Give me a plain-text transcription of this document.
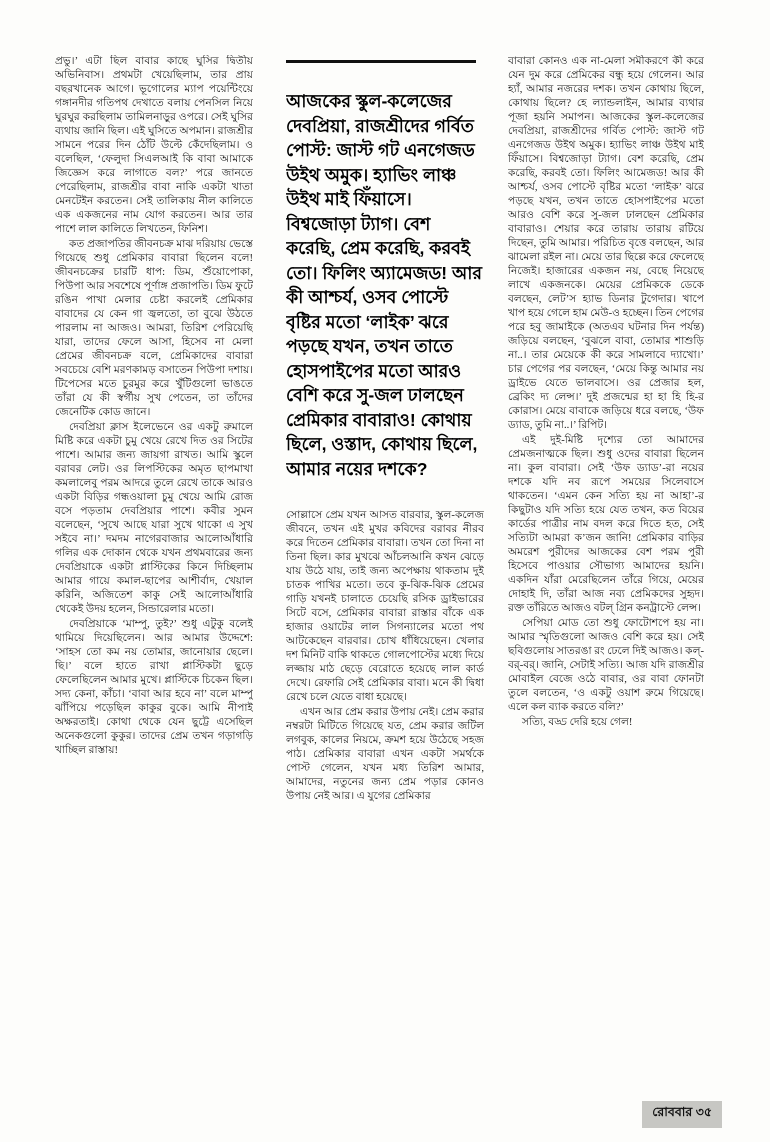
প্রভু।’ এটা ছিল বাবার কাছে ঘুসির দ্বিতীয় অভিনিবাস। প্রথমটা খেয়েছিলাম, তার প্রায় বছরখানেক আগে। ভূগোলের ম্যাপ পয়েন্টিংয়ে গঙ্গানদীর গতিপথ দেখাতে বলায় পেনসিল নিয়ে ঘুরঘুর করছিলাম তামিলনাড়ুর ওপরে। সেই ঘুসির ব্যথায় জানি ছিল। এই ঘুসিতে অপমান। রাজশ্রীর সামনে পরের দিন ঠোঁট উল্টে কেঁদেছিলাম। ও বলেছিল, ‘ফেলুদা সিএলআই কি বাবা আমাকে জিজ্ঞেস করে লাগাতে বল?’ পরে জানতে পেরেছিলাম, রাজশ্রীর বাবা নাকি একটা খাতা মেনটেইন করতেন। সেই তালিকায় নীল কালিতে এক একজনের নাম যোগ করতেন। আর তার পাশে লাল কালিতে লিখতেন, ফিনিশ।

কত প্রজাপতির জীবনচক্র মাঝ দরিয়ায় ভেস্তে গিয়েছে শুধু প্রেমিকার বাবারা ছিলেন বলে! জীবনচক্রের চারটি ধাপ: ডিম, শুঁয়োপোকা, পিউপা আর সবশেষে পূর্ণাঙ্গ প্রজাপতি। ডিম ফুটে রঙিন পাখা মেলার চেষ্টা করলেই প্রেমিকার বাবাদের যে কেন গা জ্বলতো, তা বুঝে উঠতে পারলাম না আজও। আমরা, তিরিশ পেরিয়েছি যারা, তাদের ফেলে আসা, হিসেব না মেলা প্রেমের জীবনচক্র বলে, প্রেমিকাদের বাবারা সবচেয়ে বেশি মরণকামড় বসাতেন পিউপা দশায়। টিপেসের মতে চুরমুর করে খুঁটিগুলো ভাঙতে তাঁরা যে কী স্বর্গীয় সুখ পেতেন, তা তাঁদের জেনেটিক কোড জানে।

দেবপ্রিয়া ক্লাস ইলেভেনে ওর একটু রুমালে মিষ্টি করে একটা চুমু খেয়ে রেখে দিত ওর সিটের পাশে। আমার জন্য জায়গা রাখত। আমি স্কুলে বরাবর লেট। ওর লিপস্টিকের অমৃত ছাপমাখা কমলালেবু পরম আদরে তুলে রেখে তাকে আরও একটা বিড়ির গন্ধওয়ালা চুমু খেয়ে আমি রোজ বসে পড়তাম দেবপ্রিয়ার পাশে। কবীর সুমন বলেছেন, ‘সুখে আছে যারা সুখে থাকো এ সুখ সইবে না।’ দমদম নাগেরবাজার আলোআঁধারি গলির এক দোকান থেকে যখন প্রথমবারের জন্য দেবপ্রিয়াকে একটা প্লাস্টিকের কিনে দিচ্ছিলাম আমার গায়ে কমাল-ছাপের আশীর্বাদ, খেয়াল করিনি, অজিতেশ কাকু সেই আলোআঁধারি থেকেই উদয় হলেন, সিন্ডারেলার মতো।

দেবপ্রিয়াকে ‘মাম্পু, তুই?’ শুধু এটুকু বলেই থামিয়ে দিয়েছিলেন। আর আমার উদ্দেশে: ‘সাহস তো কম নয় তোমার, জানোয়ার ছেলে। ছি।’ বলে হাতে রাখা প্লাস্টিকটা ছুড়ে ফেলেছিলেন আমার মুখে। প্লাস্টিকে চিকেন ছিল। সদ্য কেনা, কাঁচা। ‘বাবা আর হবে না’ বলে মাম্পু ঝাঁপিয়ে পড়েছিল কাকুর বুকে। আমি নীপাই অক্ষরতাই। কোথা থেকে যেন ছুট্টে এসেছিল অনেকগুলো কুকুর। তাদের প্রেম তখন গড়াগড়ি খাচ্ছিল রাস্তায়!

আজকের স্কুল-কলেজের দেবপ্রিয়া, রাজশ্রীদের গর্বিত পোস্ট: জাস্ট গট এনগেজড উইথ অমুক। হ্যাভিং লাঞ্চ উইথ মাই ফিঁয়াসে। বিশ্বজোড়া ট্যাগ। বেশ করেছি, প্রেম করেছি, করবই তো। ফিলিং অ্যামেজড! আর কী আশ্চর্য, ওসব পোস্টে বৃষ্টির মতো ‘লাইক’ ঝরে পড়ছে যখন, তখন তাতে হোসপাইপের মতো আরও বেশি করে সু-জল ঢালছেন প্রেমিকার বাবারাও! কোথায় ছিলে, ওস্তাদ, কোথায় ছিলে, আমার নয়ের দশকে?

সোল্লাসে প্রেম যখন আসত বারবার, স্কুল-কলেজ জীবনে, তখন এই মুখর কবিদের বরাবর নীরব করে দিতেন প্রেমিকার বাবারা। তখন তো দিনা না তিনা ছিল। কার মুখঝে আঁচলআনি কখন ঝেড়ে যায় উঠে যায়, তাই জন্য অপেক্ষায় থাকতাম দুই চাতক পাখির মতো। তবে কু-ঝিক-ঝিক প্রেমের গাড়ি যখনই চালাতে চেয়েছি রসিক ড্রাইভারের সিটে বসে, প্রেমিকার বাবারা রাস্তার বাঁকে এক হাজার ওয়াটের লাল সিগন্যালের মতো পথ আটকেছেন বারবার। চোখ ধাঁধিয়েছেন। খেলার দশ মিনিট বাকি থাকতে গোলপোস্টের মধ্যে দিয়ে লজ্জায় মাঠ ছেড়ে বেরোতে হয়েছে লাল কার্ড দেখে। রেফারি সেই প্রেমিকার বাবা। মনে কী দ্বিধা রেখে চলে যেতে বাধা হয়েছে।

এখন আর প্রেম করার উপায় নেই। প্রেম করার নম্বরটা মিটিতে গিয়েছে যত, প্রেম করার জটিল লগবুক, কালের নিয়মে, ক্রমশ হয়ে উঠেছে সহজ পাঠ। প্রেমিকার বাবারা এখন একটা সমর্থকে পোস্ট গেলেন, যখন মধ্য তিরিশ আমার, আমাদের, নতুনের জন্য প্রেম পড়ার কোনও উপায় নেই আর। এ যুগের প্রেমিকার

বাবারা কোনও এক না-মেলা সমীকরণে কী করে যেন দুম করে প্রেমিকের বন্ধু হয়ে গেলেন। আর হ্যাঁ, আমার নজরের দশক। তখন কোথায় ছিলে, কোথায় ছিলে? হে ল্যান্ডলাইন, আমার ব্যথার পূজা হয়নি সমাপন। আজকের স্কুল-কলেজের দেবপ্রিয়া, রাজশ্রীদের গর্বিত পোস্ট: জাস্ট গট এনগেজড উইথ অমুক। হ্যাভিং লাঞ্চ উইথ মাই ফিঁয়াসে। বিশ্বজোড়া ট্যাগ। বেশ করেছি, প্রেম করেছি, করবই তো। ফিলিং আমেজড! আর কী আশ্চর্য, ওসব পোস্টে বৃষ্টির মতো ‘লাইক’ ঝরে পড়ছে যখন, তখন তাতে হোসপাইপের মতো আরও বেশি করে সু-জল ঢালছেন প্রেমিকার বাবারাও। শেয়ার করে তারায় তারায় রটিয়ে দিছেন, তুমি আমার। পরিচিত বৃত্তে বলছেন, আর ঝামেলা রইল না। মেয়ে তার ছিল্লে করে ফেলেছে নিজেই। হাজারের একজন নয়, বেছে নিয়েছে লাখে একজনকে। মেয়ের প্রেমিককে ডেকে বলছেন, লেট’স হ্যাভ ডিনার টুগেদার। খাপে খাপ হয়ে গেলে হাম মেউ-ও হচ্ছেন। তিন পেগের পরে হবু জামাইকে (অতএব ঘটনার দিন পর্যন্ত) জড়িয়ে বলছেন, ‘বুঝলে বাবা, তোমার শাশুড়ি না..। তার মেয়েকে কী করে সামলাবে দ্যাখো।’ চার পেগের পর বলছেন, ‘মেয়ে কিন্তু আমার নয় ড্রাইভে যেতে ভালবাসে। ওর প্রেজার হল, ব্রেকিং দ্য লেন্স।’ দুই প্রজন্মের হা হা হি হি-র কোরাস। মেয়ে বাবাকে জড়িয়ে ধরে বলছে, ‘উফ ড্যাড, তুমি না..।’ রিপিট।

এই দুই-মিষ্টি দৃশ্যের তো আমাদের প্রেমজনাত্মকে ছিল। শুধু ওদের বাবারা ছিলেন না। কুল বাবারা। সেই ‘উফ ড্যাড’-রা নয়ের দশকে যদি নব রূপে সময়ের সিলেবাসে থাকতেন। ‘এমন কেন সত্যি হয় না আহা’-র কিছুটাও যদি সত্যি হয়ে যেত তখন, কত বিয়ের কার্ডের পাত্রীর নাম বদল করে দিতে হত, সেই সত্যিটা আমরা ক’জন জানি! প্রেমিকার বাড়ির অমরেশ পুরীদের আজকের বেশ পরম পুরী হিসেবে পাওয়ার সৌভাগ্য আমাদের হয়নি। একদিন যাঁরা মেরেছিলেন তাঁরে গিয়ে, মেয়ের দোহাই দি, তাঁরা আজ নব্য প্রেমিকদের সুহৃদ। রক্ত তাঁরিতে আজও বটল্‌ গ্রিন কনট্রাস্টে লেন্স।

সেপিয়া মোড তো শুধু ফোটোশপে হয় না। আমার স্মৃতিগুলো আজও বেশি করে হয়। সেই ছবিগুলোয় সাতরঙা রং ঢেলে দিই আজও। কল্-বর্-বর্। জানি, সেটাই সত্যি। আজ যদি রাজশ্রীর মোবাইল বেজে ওঠে বাবার, ওর বাবা ফোনটা তুলে বলতেন, ‘ও একটু ওয়াশ রুমে গিয়েছে। এলে কল ব্যাক করতে বলি?’

সত্যি, বড্ড দেরি হয়ে গেল!

রোববার ৩৫
